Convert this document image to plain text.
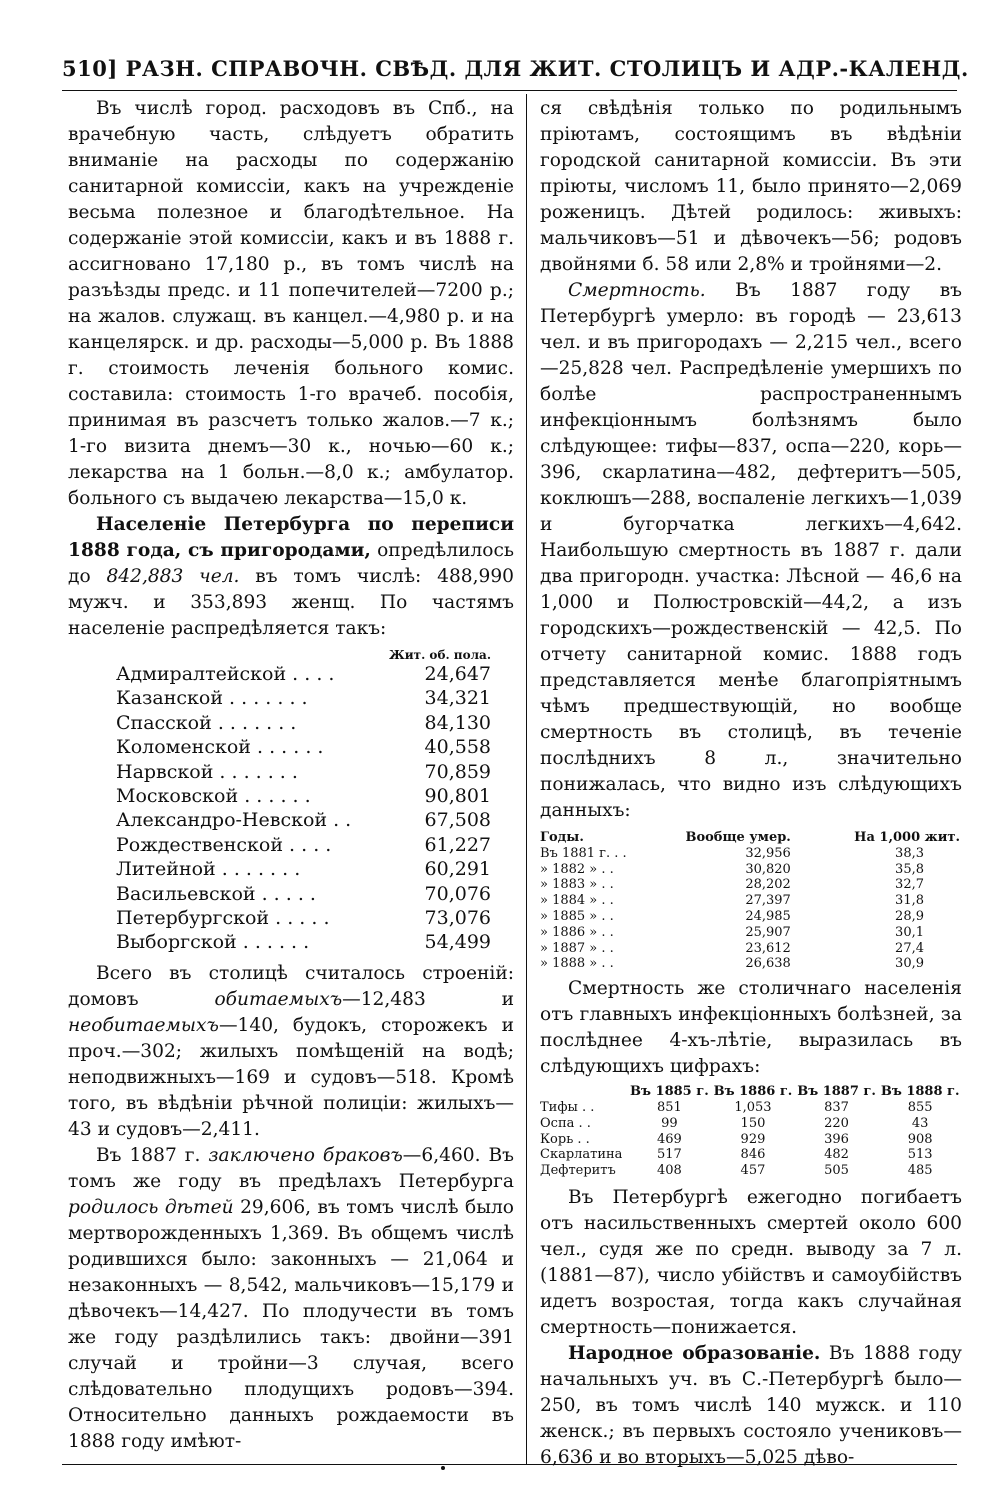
510] РАЗН. СПРАВОЧН. СВѢД. ДЛЯ ЖИТ. СТОЛИЦЪ И АДР.-КАЛЕНД.

Въ числѣ город. расходовъ въ Спб., на врачебную часть, слѣдуетъ обратить вниманіе на расходы по содержанію санитарной комиссіи, какъ на учрежденіе весьма полезное и благодѣтельное. На содержаніе этой комиссіи, какъ и въ 1888 г. ассигновано 17,180 р., въ томъ числѣ на разъѣзды предс. и 11 попечителей—7200 р.; на жалов. служащ. въ канцел.—4,980 р. и на канцелярск. и др. расходы—5,000 р. Въ 1888 г. стоимость леченія больного комис. составила: стоимость 1-го врачеб. пособія, принимая въ разсчетъ только жалов.—7 к.; 1-го визита днемъ—30 к., ночью—60 к.; лекарства на 1 больн.—8,0 к.; амбулатор. больного съ выдачею лекарства—15,0 к.

Населеніе Петербурга по переписи 1888 года, съ пригородами, опредѣлилось до 842,883 чел. въ томъ числѣ: 488,990 мужч. и 353,893 женщ. По частямъ населеніе распредѣляется такъ:

	Жит. об. пола.
Адмиралтейской . . . .	24,647
Казанской . . . . . . .	34,321
Спасской . . . . . . .	84,130
Коломенской . . . . . .	40,558
Нарвской . . . . . . .	70,859
Московской . . . . . .	90,801
Александро-Невской . .	67,508
Рождественской . . . .	61,227
Литейной . . . . . . .	60,291
Васильевской . . . . .	70,076
Петербургской . . . . .	73,076
Выборгской . . . . . .	54,499

Всего въ столицѣ считалось строеній: домовъ обитаемыхъ—12,483 и необитаемыхъ—140, будокъ, сторожекъ и проч.—302; жилыхъ помѣщеній на водѣ; неподвижныхъ—169 и судовъ—518. Кромѣ того, въ вѣдѣніи рѣчной полиціи: жилыхъ—43 и судовъ—2,411.

Въ 1887 г. заключено браковъ—6,460. Въ томъ же году въ предѣлахъ Петербурга родилось дѣтей 29,606, въ томъ числѣ было мертворожденныхъ 1,369. Въ общемъ числѣ родившихся было: законныхъ — 21,064 и незаконныхъ — 8,542, мальчиковъ—15,179 и дѣвочекъ—14,427. По плодучести въ томъ же году раздѣлились такъ: двойни—391 случай и тройни—3 случая, всего слѣдовательно плодущихъ родовъ—394. Относительно данныхъ рождаемости въ 1888 году имѣют-

ся свѣдѣнія только по родильнымъ пріютамъ, состоящимъ въ вѣдѣніи городской санитарной комиссіи. Въ эти пріюты, числомъ 11, было принято—2,069 роженицъ. Дѣтей родилось: живыхъ: мальчиковъ—51 и дѣвочекъ—56; родовъ двойнями б. 58 или 2,8% и тройнями—2.

Смертность. Въ 1887 году въ Петербургѣ умерло: въ городѣ — 23,613 чел. и въ пригородахъ — 2,215 чел., всего—25,828 чел. Распредѣленіе умершихъ по болѣе распространеннымъ инфекціоннымъ болѣзнямъ было слѣдующее: тифы—837, оспа—220, корь—396, скарлатина—482, дефтеритъ—505, коклюшъ—288, воспаленіе легкихъ—1,039 и бугорчатка легкихъ—4,642. Наибольшую смертность въ 1887 г. дали два пригородн. участка: Лѣсной — 46,6 на 1,000 и Полюстровскій—44,2, а изъ городскихъ—рождественскій — 42,5. По отчету санитарной комис. 1888 годъ представляется менѣе благопріятнымъ чѣмъ предшествующій, но вообще смертность въ столицѣ, въ теченіе послѣднихъ 8 л., значительно понижалась, что видно изъ слѣдующихъ данныхъ:

Годы.	Вообще умер.	На 1,000 жит.
Въ 1881 г. . .	32,956	38,3
» 1882 » . .	30,820	35,8
» 1883 » . .	28,202	32,7
» 1884 » . .	27,397	31,8
» 1885 » . .	24,985	28,9
» 1886 » . .	25,907	30,1
» 1887 » . .	23,612	27,4
» 1888 » . .	26,638	30,9

Смертность же столичнаго населенія отъ главныхъ инфекціонныхъ болѣзней, за послѣднее 4-хъ-лѣтіе, выразилась въ слѣдующихъ цифрахъ:

	Въ 1885 г.	Въ 1886 г.	Въ 1887 г.	Въ 1888 г.
Тифы . .	851	1,053	837	855
Оспа . .	99	150	220	43
Корь . .	469	929	396	908
Скарлатина	517	846	482	513
Дефтеритъ	408	457	505	485

Въ Петербургѣ ежегодно погибаетъ отъ насильственныхъ смертей около 600 чел., судя же по средн. выводу за 7 л. (1881—87), число убійствъ и самоубійствъ идетъ возростая, тогда какъ случайная смертность—понижается.

Народное образованіе. Въ 1888 году начальныхъ уч. въ С.-Петербургѣ было—250, въ томъ числѣ 140 мужск. и 110 женск.; въ первыхъ состояло учениковъ—6,636 и во вторыхъ—5,025 дѣво-
